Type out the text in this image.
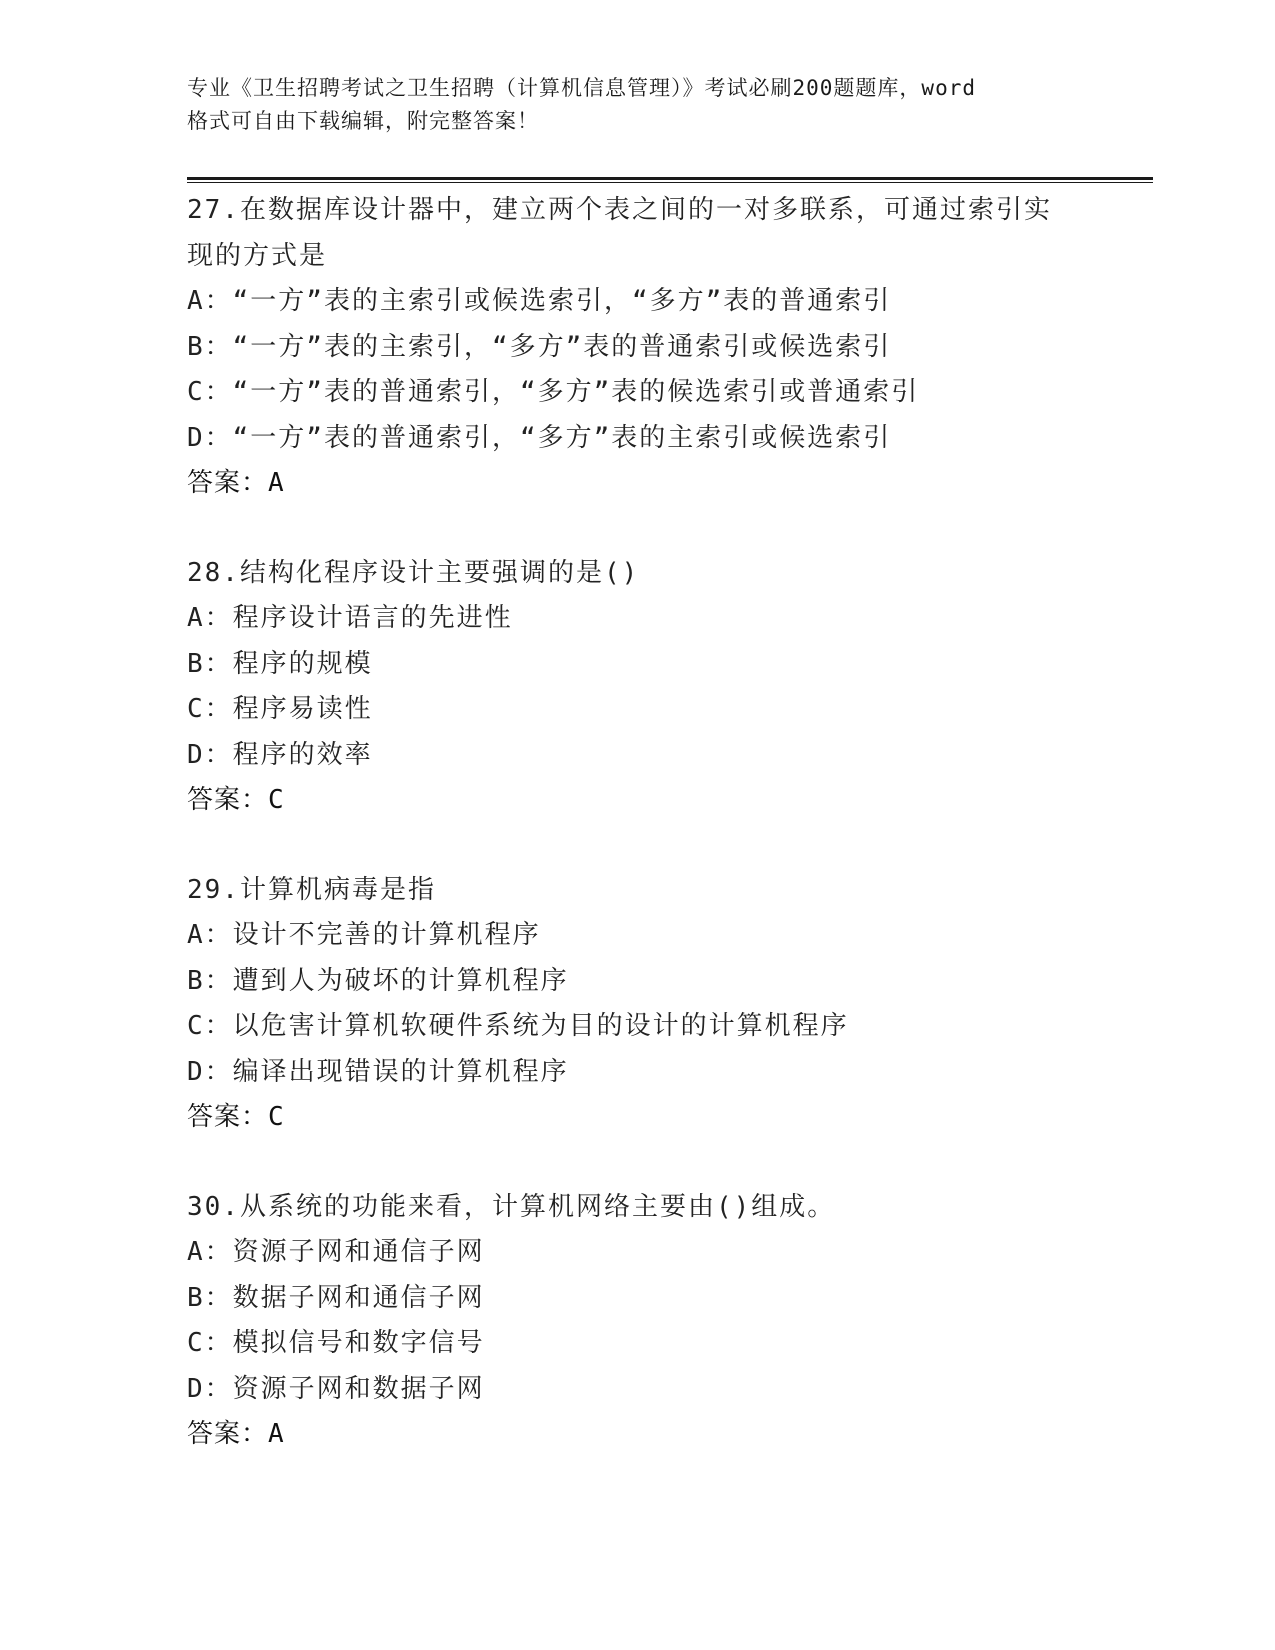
专业《卫生招聘考试之卫生招聘（计算机信息管理）》考试必刷200题题库，word
格式可自由下载编辑，附完整答案！
27.在数据库设计器中，建立两个表之间的一对多联系，可通过索引实
现的方式是
A：“一方”表的主索引或候选索引，“多方”表的普通索引
B：“一方”表的主索引，“多方”表的普通索引或候选索引
C：“一方”表的普通索引，“多方”表的候选索引或普通索引
D：“一方”表的普通索引，“多方”表的主索引或候选索引
答案：A
28.结构化程序设计主要强调的是()
A：程序设计语言的先进性
B：程序的规模
C：程序易读性
D：程序的效率
答案：C
29.计算机病毒是指
A：设计不完善的计算机程序
B：遭到人为破坏的计算机程序
C：以危害计算机软硬件系统为目的设计的计算机程序
D：编译出现错误的计算机程序
答案：C
30.从系统的功能来看，计算机网络主要由()组成。
A：资源子网和通信子网
B：数据子网和通信子网
C：模拟信号和数字信号
D：资源子网和数据子网
答案：A
